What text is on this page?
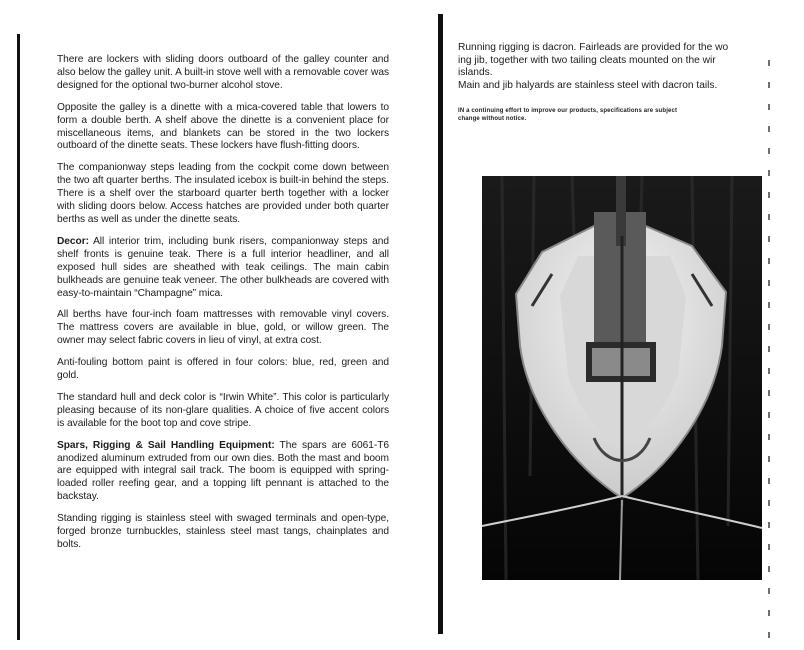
There are lockers with sliding doors outboard of the galley counter and also below the galley unit. A built-in stove well with a removable cover was designed for the optional two-burner alcohol stove.

Opposite the galley is a dinette with a mica-covered table that lowers to form a double berth. A shelf above the dinette is a convenient place for miscellaneous items, and blankets can be stored in the two lockers outboard of the dinette seats. These lockers have flush-fitting doors.

The companionway steps leading from the cockpit come down between the two aft quarter berths. The insulated icebox is built-in behind the steps. There is a shelf over the starboard quarter berth together with a locker with sliding doors below. Access hatches are provided under both quarter berths as well as under the dinette seats.

Decor: All interior trim, including bunk risers, companionway steps and shelf fronts is genuine teak. There is a full interior headliner, and all exposed hull sides are sheathed with teak ceilings. The main cabin bulkheads are genuine teak veneer. The other bulkheads are covered with easy-to-maintain “Champagne” mica.

All berths have four-inch foam mattresses with removable vinyl covers. The mattress covers are available in blue, gold, or willow green. The owner may select fabric covers in lieu of vinyl, at extra cost.

Anti-fouling bottom paint is offered in four colors: blue, red, green and gold.

The standard hull and deck color is “Irwin White”. This color is particularly pleasing because of its non-glare qualities. A choice of five accent colors is available for the boot top and cove stripe.

Spars, Rigging & Sail Handling Equipment: The spars are 6061-T6 anodized aluminum extruded from our own dies. Both the mast and boom are equipped with integral sail track. The boom is equipped with spring-loaded roller reefing gear, and a topping lift pennant is attached to the backstay.

Standing rigging is stainless steel with swaged terminals and open-type, forged bronze turnbuckles, stainless steel mast tangs, chainplates and bolts.

Running rigging is dacron. Fairleads are provided for the wo

ing jib, together with two tailing cleats mounted on the wir

islands.

Main and jib halyards are stainless steel with dacron tails.

IN a continuing effort to improve our products, specifications are subject
change without notice.
